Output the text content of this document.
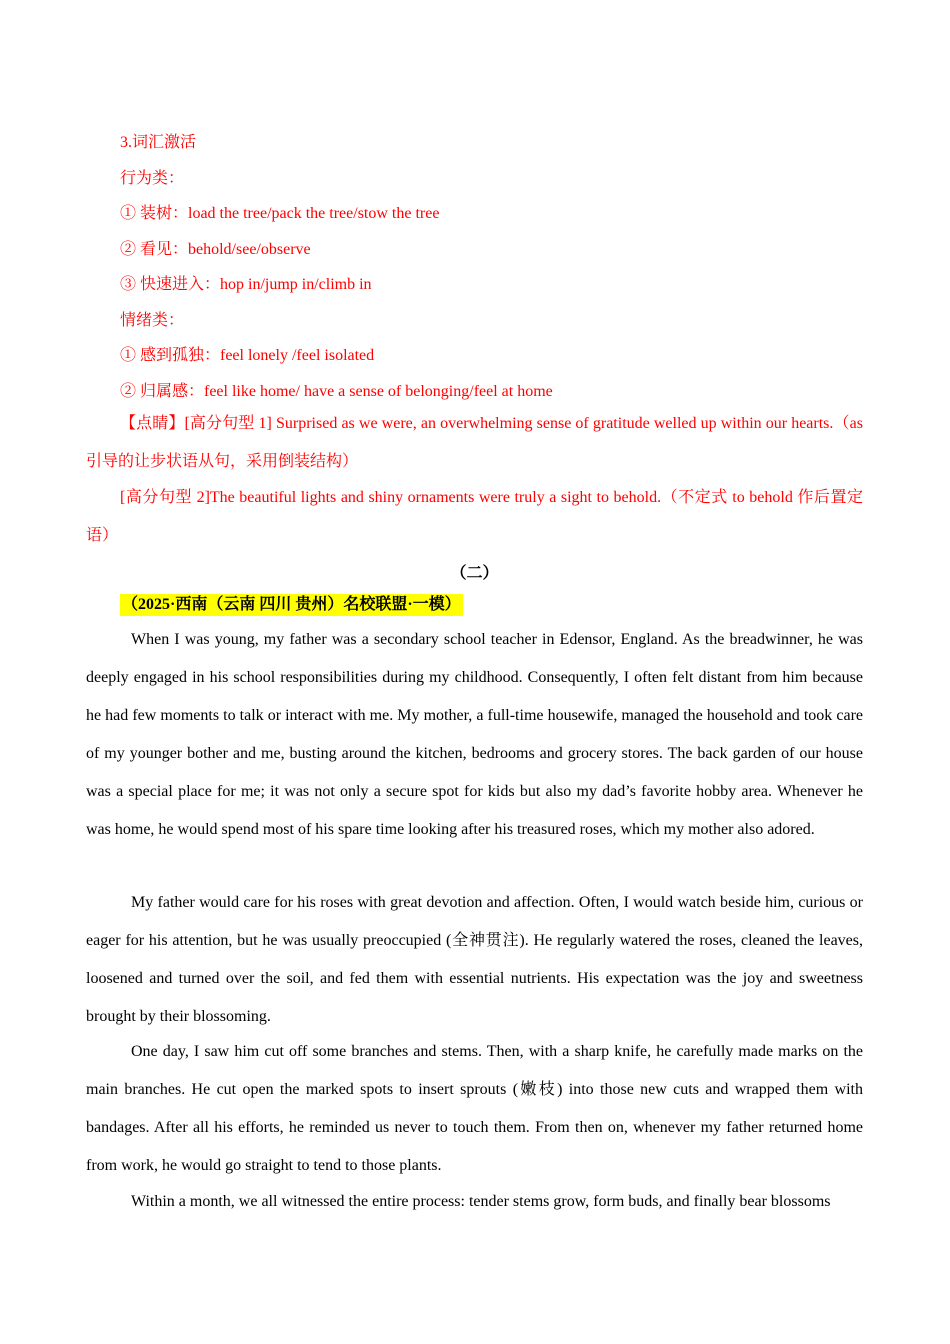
3.词汇激活
行为类：
① 装树：load the tree/pack the tree/stow the tree
② 看见：behold/see/observe
③ 快速进入：hop in/jump in/climb in
情绪类：
① 感到孤独：feel lonely /feel isolated
② 归属感：feel like home/ have a sense of belonging/feel at home
【点睛】[高分句型 1] Surprised as we were, an overwhelming sense of gratitude welled up within our hearts.（as 引导的让步状语从句，采用倒装结构）
[高分句型 2]The beautiful lights and shiny ornaments were truly a sight to behold.（不定式 to behold 作后置定语）
（二）
（2025·西南（云南 四川 贵州）名校联盟·一模）
When I was young, my father was a secondary school teacher in Edensor, England. As the breadwinner, he was deeply engaged in his school responsibilities during my childhood. Consequently, I often felt distant from him because he had few moments to talk or interact with me. My mother, a full-time housewife, managed the household and took care of my younger bother and me, busting around the kitchen, bedrooms and grocery stores. The back garden of our house was a special place for me; it was not only a secure spot for kids but also my dad’s favorite hobby area. Whenever he was home, he would spend most of his spare time looking after his treasured roses, which my mother also adored.
My father would care for his roses with great devotion and affection. Often, I would watch beside him, curious or eager for his attention, but he was usually preoccupied (全神贯注). He regularly watered the roses, cleaned the leaves, loosened and turned over the soil, and fed them with essential nutrients. His expectation was the joy and sweetness brought by their blossoming.
One day, I saw him cut off some branches and stems. Then, with a sharp knife, he carefully made marks on the main branches. He cut open the marked spots to insert sprouts (嫩枝) into those new cuts and wrapped them with bandages. After all his efforts, he reminded us never to touch them. From then on, whenever my father returned home from work, he would go straight to tend to those plants.
Within a month, we all witnessed the entire process: tender stems grow, form buds, and finally bear blossoms
